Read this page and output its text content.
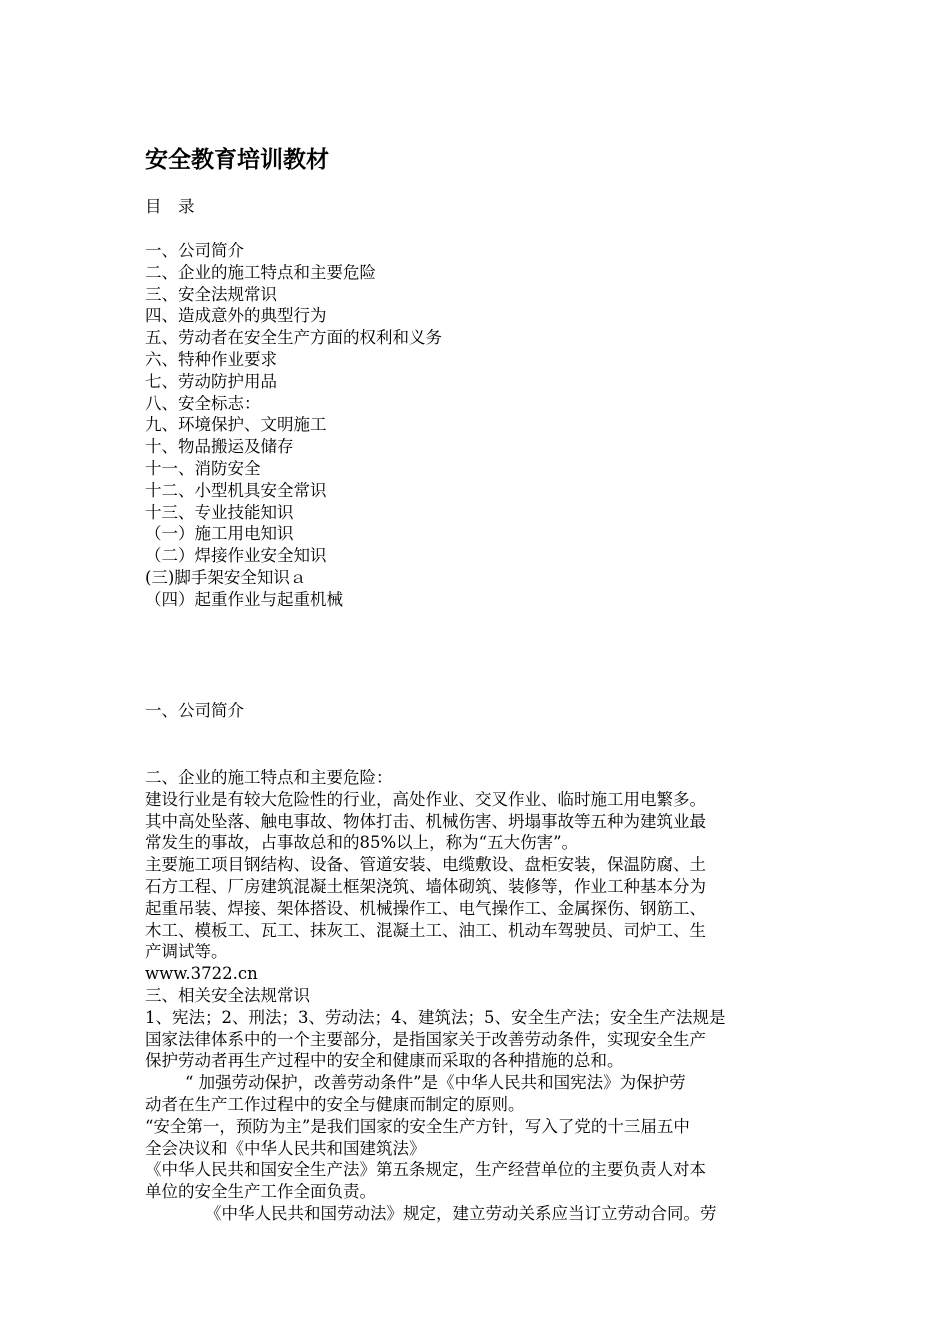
安全教育培训教材
目　录
一、公司简介
二、企业的施工特点和主要危险
三、安全法规常识
四、造成意外的典型行为
五、劳动者在安全生产方面的权利和义务
六、特种作业要求
七、劳动防护用品
八、安全标志：
九、环境保护、文明施工
十、物品搬运及储存
十一、消防安全
十二、小型机具安全常识
十三、专业技能知识
（一）施工用电知识
（二）焊接作业安全知识
(三)脚手架安全知识ａ
（四）起重作业与起重机械
一、公司简介
二、企业的施工特点和主要危险：
建设行业是有较大危险性的行业，高处作业、交叉作业、临时施工用电繁多。
其中高处坠落、触电事故、物体打击、机械伤害、坍塌事故等五种为建筑业最
常发生的事故，占事故总和的85%以上，称为“五大伤害”。
主要施工项目钢结构、设备、管道安装、电缆敷设、盘柜安装，保温防腐、土
石方工程、厂房建筑混凝土框架浇筑、墙体砌筑、装修等，作业工种基本分为
起重吊装、焊接、架体搭设、机械操作工、电气操作工、金属探伤、钢筋工、
木工、模板工、瓦工、抹灰工、混凝土工、油工、机动车驾驶员、司炉工、生
产调试等。
www.3722.cn
三、相关安全法规常识
1、宪法；2、刑法；3、劳动法；4、建筑法；5、安全生产法；安全生产法规是
国家法律体系中的一个主要部分，是指国家关于改善劳动条件，实现安全生产
保护劳动者再生产过程中的安全和健康而采取的各种措施的总和。
“ 加强劳动保护，改善劳动条件”是《中华人民共和国宪法》为保护劳
动者在生产工作过程中的安全与健康而制定的原则。
“安全第一，预防为主”是我们国家的安全生产方针，写入了党的十三届五中
全会决议和《中华人民共和国建筑法》
《中华人民共和国安全生产法》第五条规定，生产经营单位的主要负责人对本
单位的安全生产工作全面负责。
《中华人民共和国劳动法》规定，建立劳动关系应当订立劳动合同。劳
